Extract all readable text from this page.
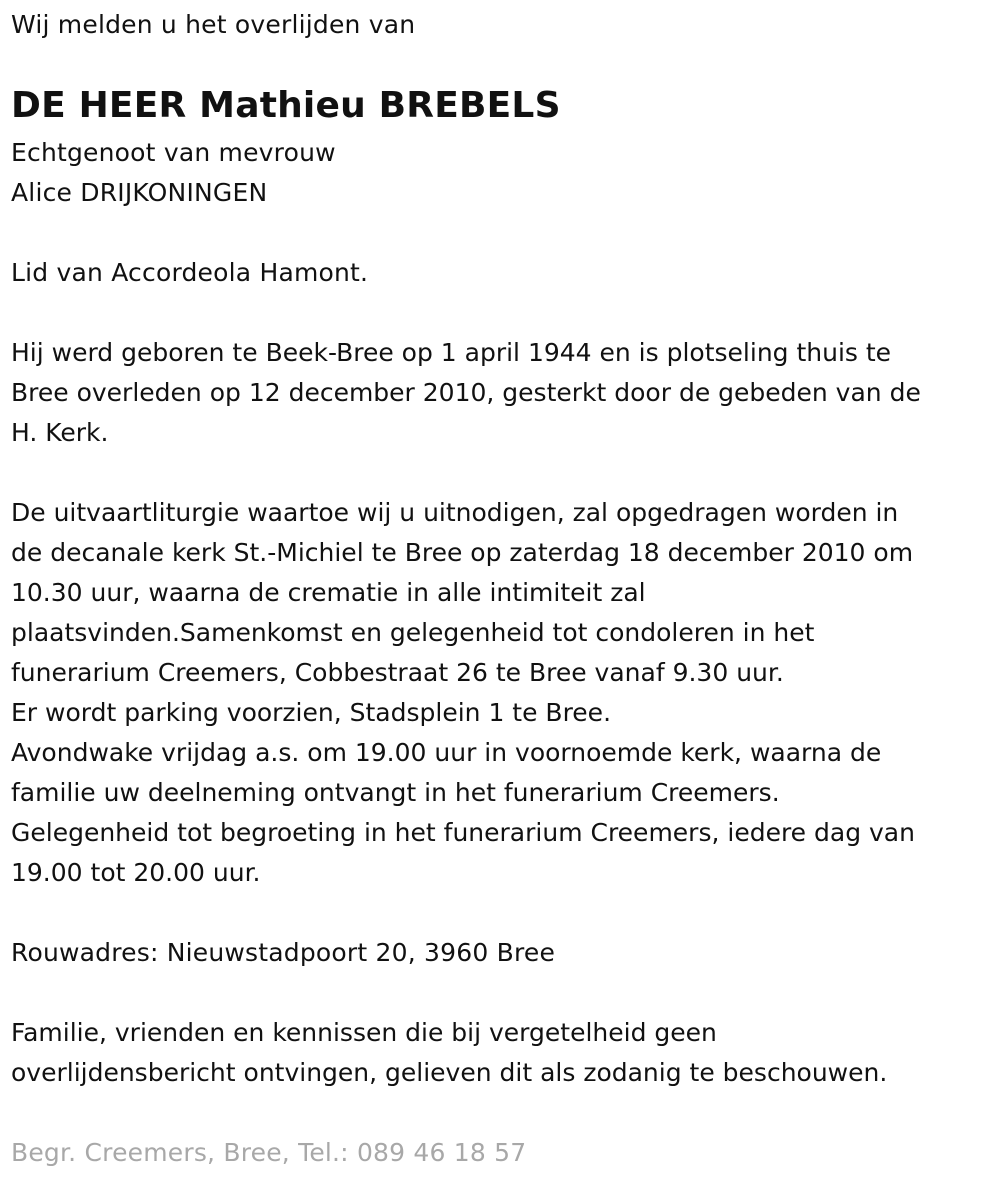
Wij melden u het overlijden van
DE HEER Mathieu BREBELS
Echtgenoot van mevrouw
Alice DRIJKONINGEN
Lid van Accordeola Hamont.
Hij werd geboren te Beek-Bree op 1 april 1944 en is plotseling thuis te
Bree overleden op 12 december 2010, gesterkt door de gebeden van de
H. Kerk.
De uitvaartliturgie waartoe wij u uitnodigen, zal opgedragen worden in
de decanale kerk St.-Michiel te Bree op zaterdag 18 december 2010 om
10.30 uur, waarna de crematie in alle intimiteit zal
plaatsvinden.Samenkomst en gelegenheid tot condoleren in het
funerarium Creemers, Cobbestraat 26 te Bree vanaf 9.30 uur.
Er wordt parking voorzien, Stadsplein 1 te Bree.
Avondwake vrijdag a.s. om 19.00 uur in voornoemde kerk, waarna de
familie uw deelneming ontvangt in het funerarium Creemers.
Gelegenheid tot begroeting in het funerarium Creemers, iedere dag van
19.00 tot 20.00 uur.
Rouwadres: Nieuwstadpoort 20, 3960 Bree
Familie, vrienden en kennissen die bij vergetelheid geen
overlijdensbericht ontvingen, gelieven dit als zodanig te beschouwen.
Begr. Creemers, Bree, Tel.: 089 46 18 57
